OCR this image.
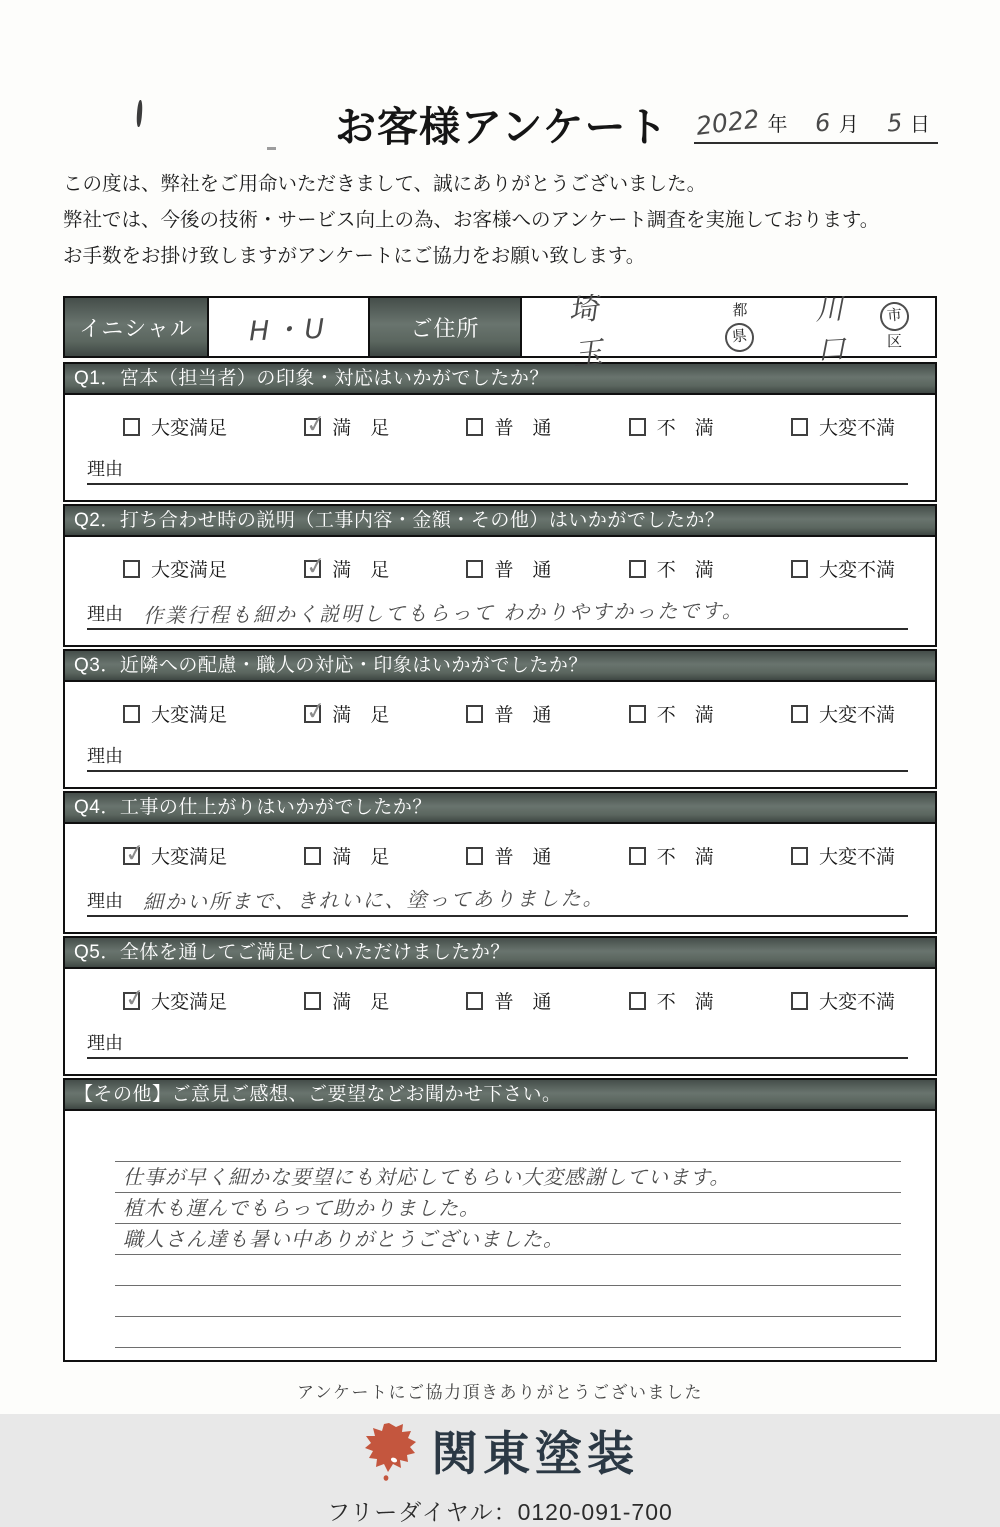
お客様アンケート 2022 年 6 月 5 日
この度は、弊社をご用命いただきまして、誠にありがとうございました。
弊社では、今後の技術・サービス向上の為、お客様へのアンケート調査を実施しております。
お手数をお掛け致しますがアンケートにご協力をお願い致します。
イニシャル	H・U	ご住所	埼玉
都
県
川口
市
区
Q1．宮本（担当者）の印象・対応はいかがでしたか？
大変満足	✓ 満　足	普　通	不　満	大変不満
理由
Q2．打ち合わせ時の説明（工事内容・金額・その他）はいかがでしたか？
大変満足	✓ 満　足	普　通	不　満	大変不満
理由 作業行程も細かく説明してもらって わかりやすかったです。
Q3．近隣への配慮・職人の対応・印象はいかがでしたか？
大変満足	✓ 満　足	普　通	不　満	大変不満
理由
Q4．工事の仕上がりはいかがでしたか？
✓ 大変満足	満　足	普　通	不　満	大変不満
理由 細かい所まで、きれいに、塗ってありました。
Q5．全体を通してご満足していただけましたか？
✓ 大変満足	満　足	普　通	不　満	大変不満
理由
【その他】ご意見ご感想、ご要望などお聞かせ下さい。
仕事が早く細かな要望にも対応してもらい大変感謝しています。
植木も運んでもらって助かりました。
職人さん達も暑い中ありがとうございました。
アンケートにご協力頂きありがとうございました
関東塗装
フリーダイヤル：0120-091-700
